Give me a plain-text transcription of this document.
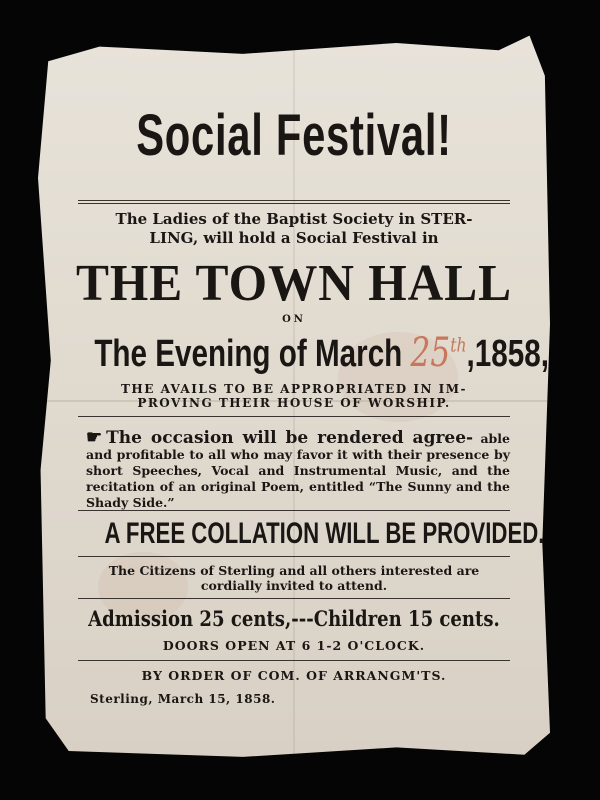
Social Festival!
The Ladies of the Baptist Society in STER-
LING, will hold a Social Festival in
THE TOWN HALL
ON
The Evening of March 25th,1858,
THE AVAILS TO BE APPROPRIATED IN IM-
PROVING THEIR HOUSE OF WORSHIP.
☛ The occasion will be rendered agree- able and profitable to all who may favor it with their presence by short Speeches, Vocal and Instrumental Music, and the recitation of an original Poem, entitled “The Sunny and the Shady Side.”
A FREE COLLATION WILL BE PROVIDED.
The Citizens of Sterling and all others interested are cordially invited to attend.
Admission 25 cents,---Children 15 cents.
DOORS OPEN AT 6 1-2 O'CLOCK.
BY ORDER OF COM. OF ARRANGM'TS.
Sterling, March 15, 1858.
